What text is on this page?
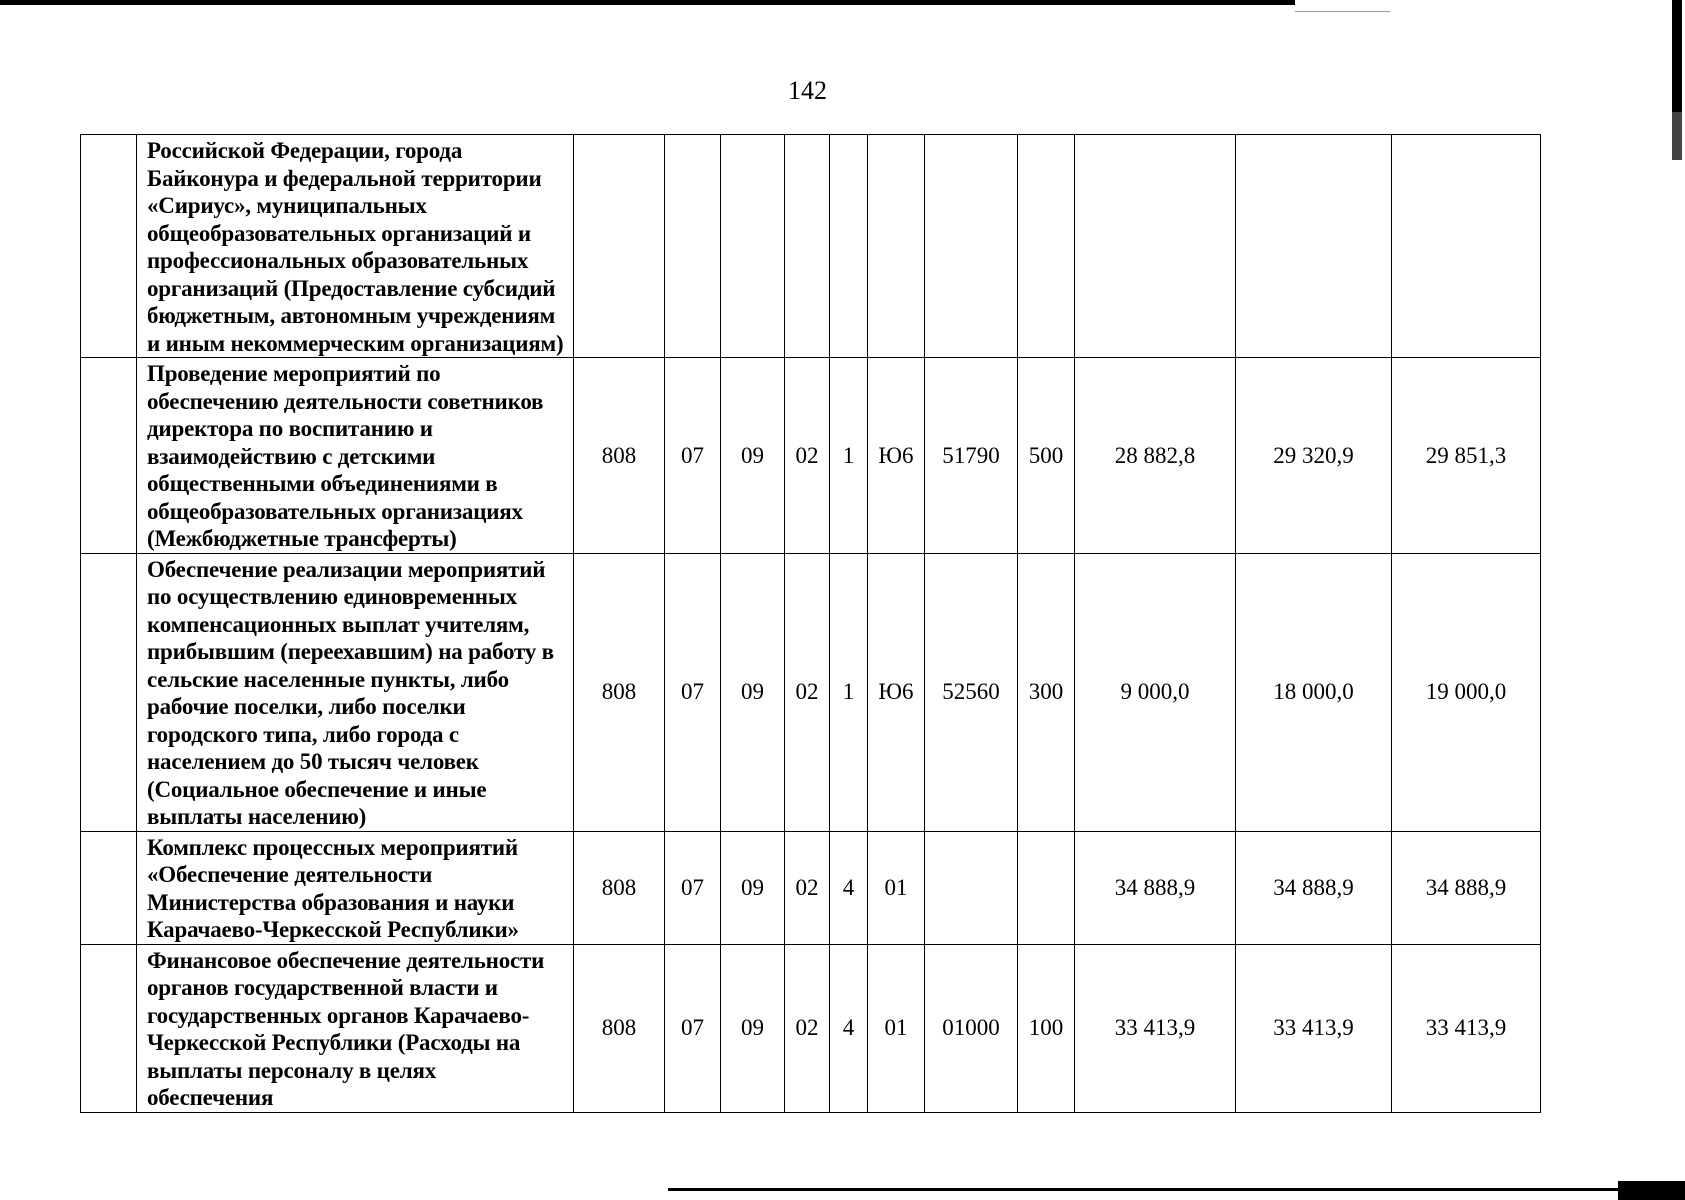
142
	Российской Федерации, города Байконура и федеральной территории «Сириус», муниципальных общеобразовательных организаций и профессиональных образовательных организаций (Предоставление субсидий бюджетным, автономным учреждениям и иным некоммерческим организациям)											
	Проведение мероприятий по обеспечению деятельности советников директора по воспитанию и взаимодействию с детскими общественными объединениями в общеобразовательных организациях (Межбюджетные трансферты)	808	07	09	02	1	Ю6	51790	500	28 882,8	29 320,9	29 851,3
	Обеспечение реализации мероприятий по осуществлению единовременных компенсационных выплат учителям, прибывшим (переехавшим) на работу в сельские населенные пункты, либо рабочие поселки, либо поселки городского типа, либо города с населением до 50 тысяч человек (Социальное обеспечение и иные выплаты населению)	808	07	09	02	1	Ю6	52560	300	9 000,0	18 000,0	19 000,0
	Комплекс процессных мероприятий «Обеспечение деятельности Министерства образования и науки Карачаево-Черкесской Республики»	808	07	09	02	4	01			34 888,9	34 888,9	34 888,9
	Финансовое обеспечение деятельности органов государственной власти и государственных органов Карачаево-Черкесской Республики (Расходы на выплаты персоналу в целях обеспечения	808	07	09	02	4	01	01000	100	33 413,9	33 413,9	33 413,9
